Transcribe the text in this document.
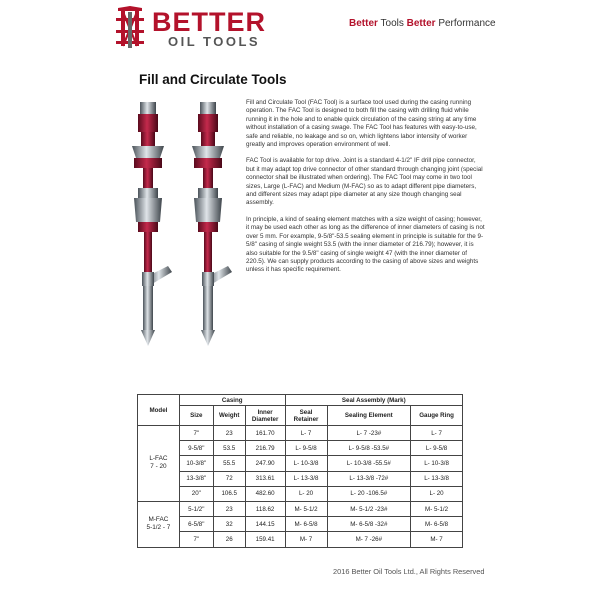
BETTER
OIL TOOLS
Better Tools Better Performance
Fill and Circulate Tools

Fill and Circulate Tool (FAC Tool) is a surface tool used during the casing running operation. The FAC Tool is designed to both fill the casing with drilling fluid while running it in the hole and to enable quick circulation of the casing string at any time without installation of a casing swage. The FAC Tool has features with easy-to-use, safe and reliable, no leakage and so on, which lightens labor intensity of worker greatly and improves operation environment of well.

FAC Tool is available for top drive. Joint is a standard 4-1/2" IF drill pipe connector, but it may adapt top drive connector of other standard through changing joint (special connector shall be illustrated when ordering). The FAC Tool may come in two tool sizes, Large (L-FAC) and Medium (M-FAC) so as to adapt different pipe diameters, and different sizes may adapt pipe diameter at any size though changing seal assembly.

In principle, a kind of sealing element matches with a size weight of casing; however, it may be used each other as long as the difference of inner diameters of casing is not over 5 mm. For example, 9-5/8"-53.5 sealing element in principle is suitable for the 9-5/8" casing of single weight 53.5 (with the inner diameter of 216.79); however, it is also suitable for the 9.5/8" casing of single weight 47 (with the inner diameter of 220.5). We can supply products according to the casing of above sizes and weights unless it has specific requirement.

Model	Casing			Seal Assembly (Mark)		
	Size	Weight	Inner Diameter	Seal Retainer	Sealing Element	Gauge Ring
L-FAC
7 - 20	7"	23	161.70	L- 7	L- 7 -23#	L- 7
	9-5/8"	53.5	216.79	L- 9-5/8	L- 9-5/8 -53.5#	L- 9-5/8
	10-3/8"	55.5	247.90	L- 10-3/8	L- 10-3/8 -55.5#	L- 10-3/8
	13-3/8"	72	313.61	L- 13-3/8	L- 13-3/8 -72#	L- 13-3/8
	20"	106.5	482.60	L- 20	L- 20 -106.5#	L- 20
M-FAC
5-1/2 - 7	5-1/2"	23	118.62	M- 5-1/2	M- 5-1/2 -23#	M- 5-1/2
	6-5/8"	32	144.15	M- 6-5/8	M- 6-5/8 -32#	M- 6-5/8
	7"	26	159.41	M- 7	M- 7 -26#	M- 7
2016 Better Oil Tools Ltd., All Rights Reserved
